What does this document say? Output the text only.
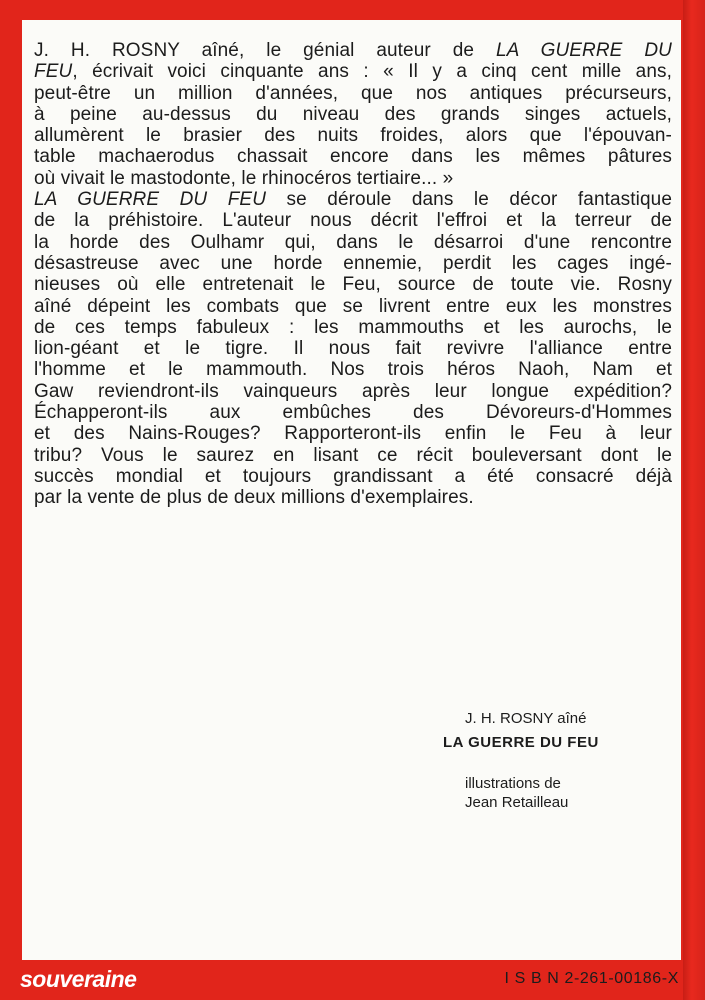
J. H. ROSNY aîné, le génial auteur de LA GUERRE DU
FEU, écrivait voici cinquante ans : « Il y a cinq cent mille ans,
peut-être un million d'années, que nos antiques précurseurs,
à peine au-dessus du niveau des grands singes actuels,
allumèrent le brasier des nuits froides, alors que l'épouvan-
table machaerodus chassait encore dans les mêmes pâtures
où vivait le mastodonte, le rhinocéros tertiaire... »
LA GUERRE DU FEU se déroule dans le décor fantastique
de la préhistoire. L'auteur nous décrit l'effroi et la terreur de
la horde des Oulhamr qui, dans le désarroi d'une rencontre
désastreuse avec une horde ennemie, perdit les cages ingé-
nieuses où elle entretenait le Feu, source de toute vie. Rosny
aîné dépeint les combats que se livrent entre eux les monstres
de ces temps fabuleux : les mammouths et les aurochs, le
lion-géant et le tigre. Il nous fait revivre l'alliance entre
l'homme et le mammouth. Nos trois héros Naoh, Nam et
Gaw reviendront-ils vainqueurs après leur longue expédition?
Échapperont-ils aux embûches des Dévoreurs-d'Hommes
et des Nains-Rouges? Rapporteront-ils enfin le Feu à leur
tribu? Vous le saurez en lisant ce récit bouleversant dont le
succès mondial et toujours grandissant a été consacré déjà
par la vente de plus de deux millions d'exemplaires.

J. H. ROSNY aîné

LA GUERRE DU FEU

illustrations de
Jean Retailleau

souveraine	I S B N 2-261-00186-X
